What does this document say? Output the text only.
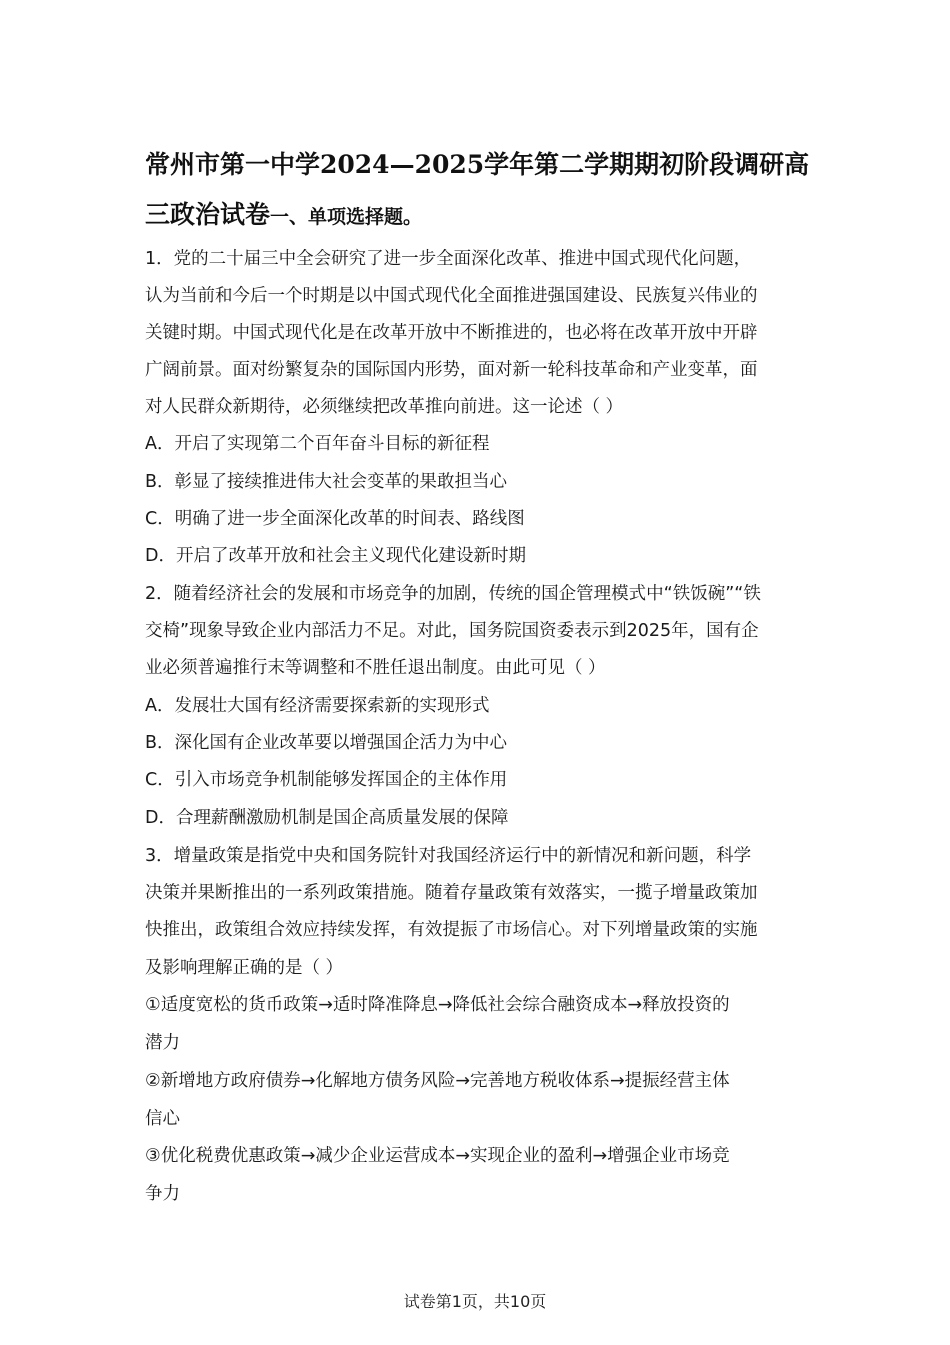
常州市第一中学2024—2025学年第二学期期初阶段调研高
三政治试卷一、单项选择题。
1．党的二十届三中全会研究了进一步全面深化改革、推进中国式现代化问题，
认为当前和今后一个时期是以中国式现代化全面推进强国建设、民族复兴伟业的
关键时期。中国式现代化是在改革开放中不断推进的，也必将在改革开放中开辟
广阔前景。面对纷繁复杂的国际国内形势，面对新一轮科技革命和产业变革，面
对人民群众新期待，必须继续把改革推向前进。这一论述（ ）
A．开启了实现第二个百年奋斗目标的新征程
B．彰显了接续推进伟大社会变革的果敢担当心
C．明确了进一步全面深化改革的时间表、路线图
D．开启了改革开放和社会主义现代化建设新时期
2．随着经济社会的发展和市场竞争的加剧，传统的国企管理模式中“铁饭碗”“铁
交椅”现象导致企业内部活力不足。对此，国务院国资委表示到2025年，国有企
业必须普遍推行末等调整和不胜任退出制度。由此可见（ ）
A．发展壮大国有经济需要探索新的实现形式
B．深化国有企业改革要以增强国企活力为中心
C．引入市场竞争机制能够发挥国企的主体作用
D．合理薪酬激励机制是国企高质量发展的保障
3．增量政策是指党中央和国务院针对我国经济运行中的新情况和新问题，科学
决策并果断推出的一系列政策措施。随着存量政策有效落实，一揽子增量政策加
快推出，政策组合效应持续发挥，有效提振了市场信心。对下列增量政策的实施
及影响理解正确的是（ ）
①适度宽松的货币政策→适时降准降息→降低社会综合融资成本→释放投资的
潜力
②新增地方政府债券→化解地方债务风险→完善地方税收体系→提振经营主体
信心
③优化税费优惠政策→减少企业运营成本→实现企业的盈利→增强企业市场竞
争力
试卷第1页，共10页
